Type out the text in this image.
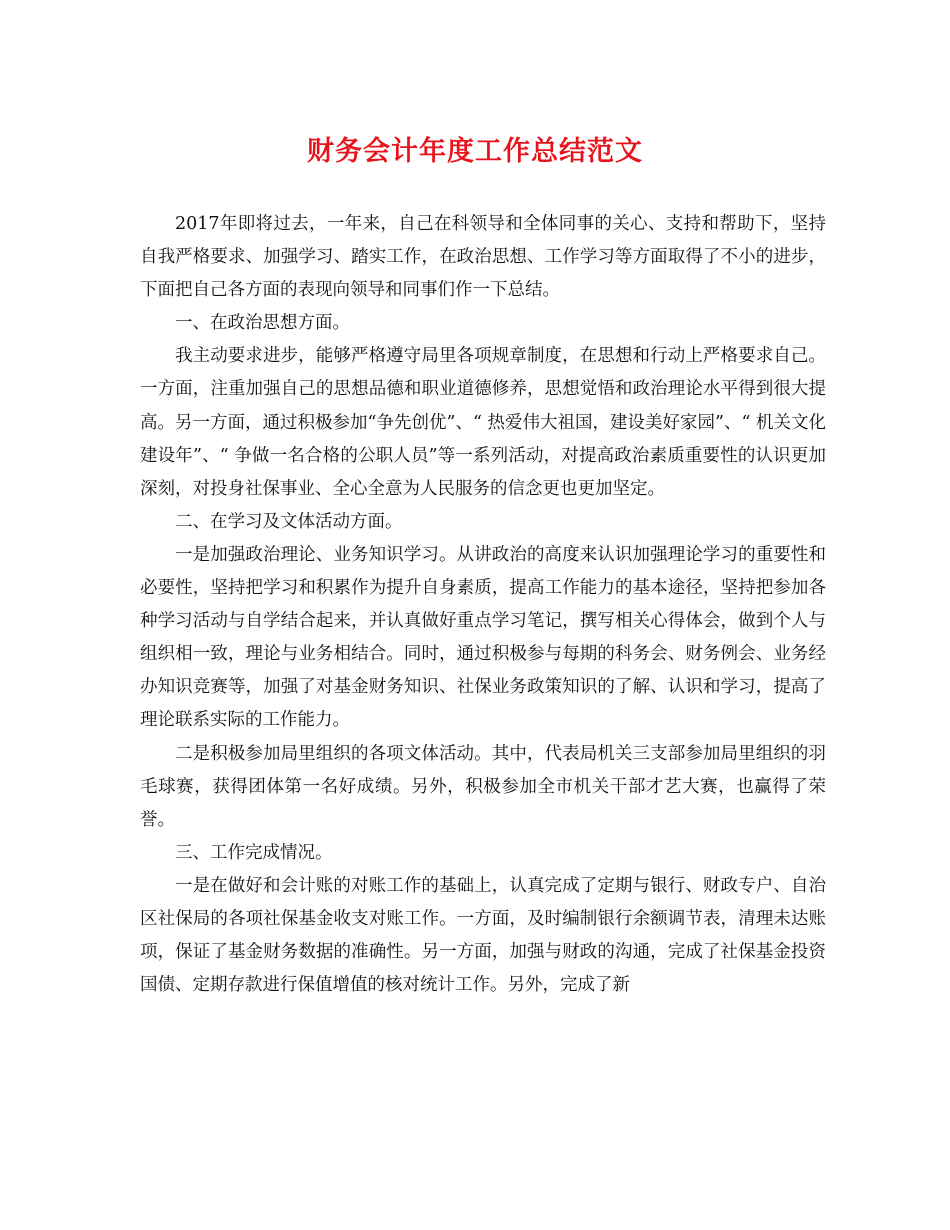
财务会计年度工作总结范文

2017年即将过去，一年来，自己在科领导和全体同事的关心、支持和帮助下，坚持自我严格要求、加强学习、踏实工作，在政治思想、工作学习等方面取得了不小的进步，下面把自己各方面的表现向领导和同事们作一下总结。

一、在政治思想方面。

我主动要求进步，能够严格遵守局里各项规章制度，在思想和行动上严格要求自己。一方面，注重加强自己的思想品德和职业道德修养，思想觉悟和政治理论水平得到很大提高。另一方面，通过积极参加“争先创优”、“ 热爱伟大祖国，建设美好家园”、“ 机关文化建设年”、“ 争做一名合格的公职人员”等一系列活动，对提高政治素质重要性的认识更加深刻，对投身社保事业、全心全意为人民服务的信念更也更加坚定。

二、在学习及文体活动方面。

一是加强政治理论、业务知识学习。从讲政治的高度来认识加强理论学习的重要性和必要性，坚持把学习和积累作为提升自身素质，提高工作能力的基本途径，坚持把参加各种学习活动与自学结合起来，并认真做好重点学习笔记，撰写相关心得体会，做到个人与组织相一致，理论与业务相结合。同时，通过积极参与每期的科务会、财务例会、业务经办知识竞赛等，加强了对基金财务知识、社保业务政策知识的了解、认识和学习，提高了理论联系实际的工作能力。

二是积极参加局里组织的各项文体活动。其中，代表局机关三支部参加局里组织的羽毛球赛，获得团体第一名好成绩。另外，积极参加全市机关干部才艺大赛，也赢得了荣誉。

三、工作完成情况。

一是在做好和会计账的对账工作的基础上，认真完成了定期与银行、财政专户、自治区社保局的各项社保基金收支对账工作。一方面，及时编制银行余额调节表，清理未达账项，保证了基金财务数据的准确性。另一方面，加强与财政的沟通，完成了社保基金投资国债、定期存款进行保值增值的核对统计工作。另外，完成了新
